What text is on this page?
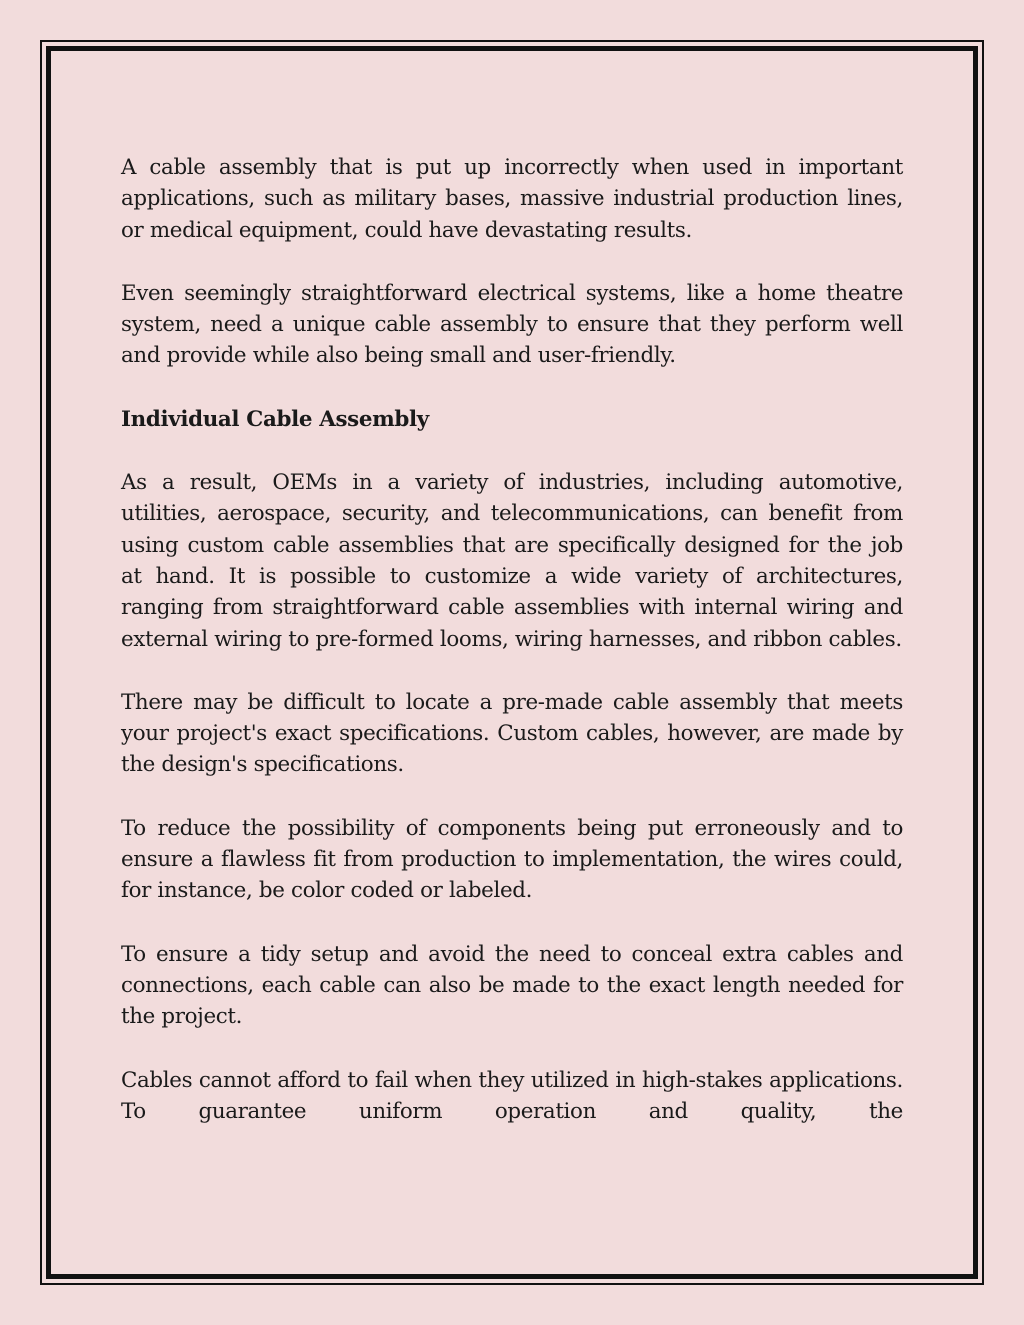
A cable assembly that is put up incorrectly when used in important applications, such as military bases, massive industrial production lines, or medical equipment, could have devastating results.

Even seemingly straightforward electrical systems, like a home theatre system, need a unique cable assembly to ensure that they perform well and provide while also being small and user-friendly.

Individual Cable Assembly

As a result, OEMs in a variety of industries, including automotive, utilities, aerospace, security, and telecommunications, can benefit from using custom cable assemblies that are specifically designed for the job at hand. It is possible to customize a wide variety of architectures, ranging from straightforward cable assemblies with internal wiring and external wiring to pre-formed looms, wiring harnesses, and ribbon cables.

There may be difficult to locate a pre-made cable assembly that meets your project's exact specifications. Custom cables, however, are made by the design's specifications.

To reduce the possibility of components being put erroneously and to ensure a flawless fit from production to implementation, the wires could, for instance, be color coded or labeled.

To ensure a tidy setup and avoid the need to conceal extra cables and connections, each cable can also be made to the exact length needed for the project.

Cables cannot afford to fail when they utilized in high-stakes applications. To guarantee uniform operation and quality, the
